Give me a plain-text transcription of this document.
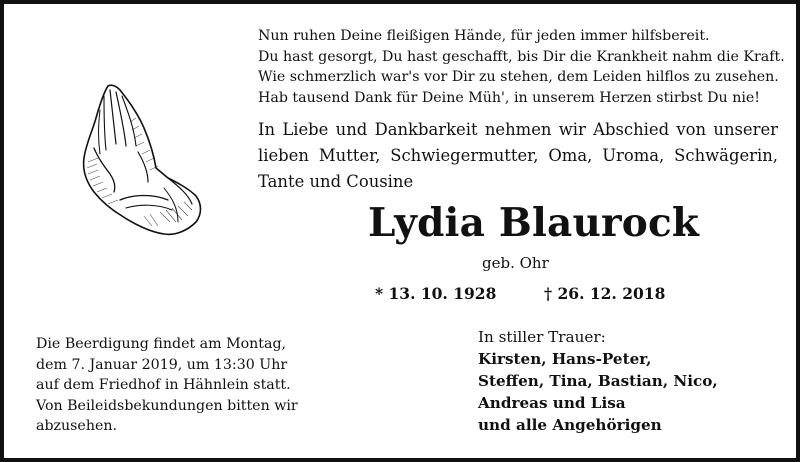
Nun ruhen Deine fleißigen Hände, für jeden immer hilfsbereit.
Du hast gesorgt, Du hast geschafft, bis Dir die Krankheit nahm die Kraft.
Wie schmerzlich war's vor Dir zu stehen, dem Leiden hilflos zu zusehen.
Hab tausend Dank für Deine Müh', in unserem Herzen stirbst Du nie!
In Liebe und Dankbarkeit nehmen wir Abschied von unserer lieben Mutter, Schwiegermutter, Oma, Uroma, Schwägerin, Tante und Cousine
Lydia Blaurock
geb. Ohr
* 13. 10. 1928	† 26. 12. 2018
Die Beerdigung findet am Montag,
dem 7. Januar 2019, um 13:30 Uhr
auf dem Friedhof in Hähnlein statt.
Von Beileidsbekundungen bitten wir
abzusehen.
In stiller Trauer:
Kirsten, Hans-Peter,
Steffen, Tina, Bastian, Nico,
Andreas und Lisa
und alle Angehörigen
